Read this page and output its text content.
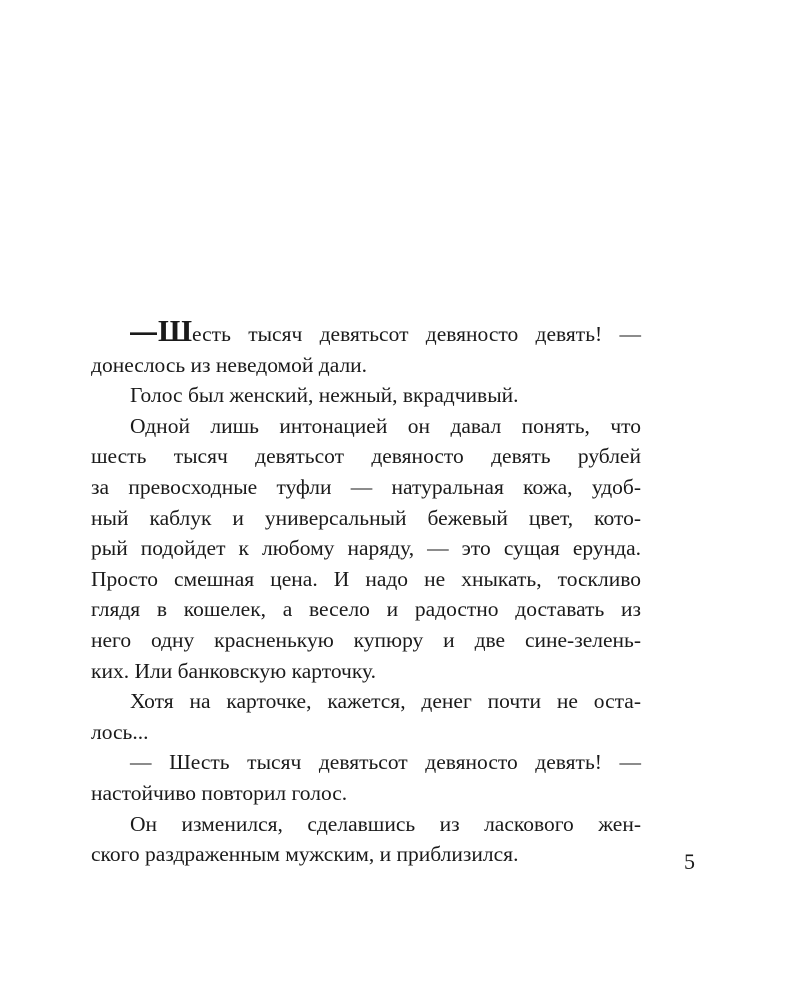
— Ш есть тысяч девятьсот девяносто девять! —
донеслось из неведомой дали.
Голос был женский, нежный, вкрадчивый.
Одной лишь интонацией он давал понять, что
шесть тысяч девятьсот девяносто девять рублей
за превосходные туфли — натуральная кожа, удоб-
ный каблук и универсальный бежевый цвет, кото-
рый подойдет к любому наряду, — это сущая ерунда.
Просто смешная цена. И надо не хныкать, тоскливо
глядя в кошелек, а весело и радостно доставать из
него одну красненькую купюру и две сине-зелень-
ких. Или банковскую карточку.
Хотя на карточке, кажется, денег почти не оста-
лось...
— Шесть тысяч девятьсот девяносто девять! —
настойчиво повторил голос.
Он изменился, сделавшись из ласкового жен-
ского раздраженным мужским, и приблизился.	5
